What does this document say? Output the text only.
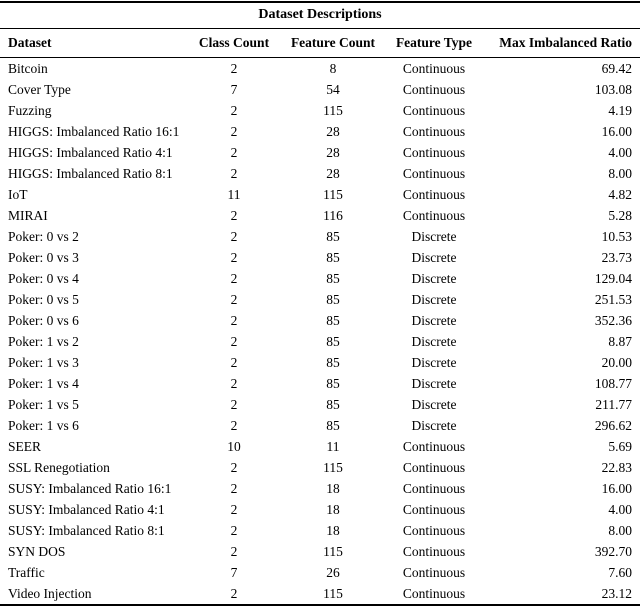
Dataset Descriptions				
Dataset	Class Count	Feature Count	Feature Type	Max Imbalanced Ratio
Bitcoin	2	8	Continuous	69.42
Cover Type	7	54	Continuous	103.08
Fuzzing	2	115	Continuous	4.19
HIGGS: Imbalanced Ratio 16:1	2	28	Continuous	16.00
HIGGS: Imbalanced Ratio 4:1	2	28	Continuous	4.00
HIGGS: Imbalanced Ratio 8:1	2	28	Continuous	8.00
IoT	11	115	Continuous	4.82
MIRAI	2	116	Continuous	5.28
Poker: 0 vs 2	2	85	Discrete	10.53
Poker: 0 vs 3	2	85	Discrete	23.73
Poker: 0 vs 4	2	85	Discrete	129.04
Poker: 0 vs 5	2	85	Discrete	251.53
Poker: 0 vs 6	2	85	Discrete	352.36
Poker: 1 vs 2	2	85	Discrete	8.87
Poker: 1 vs 3	2	85	Discrete	20.00
Poker: 1 vs 4	2	85	Discrete	108.77
Poker: 1 vs 5	2	85	Discrete	211.77
Poker: 1 vs 6	2	85	Discrete	296.62
SEER	10	11	Continuous	5.69
SSL Renegotiation	2	115	Continuous	22.83
SUSY: Imbalanced Ratio 16:1	2	18	Continuous	16.00
SUSY: Imbalanced Ratio 4:1	2	18	Continuous	4.00
SUSY: Imbalanced Ratio 8:1	2	18	Continuous	8.00
SYN DOS	2	115	Continuous	392.70
Traffic	7	26	Continuous	7.60
Video Injection	2	115	Continuous	23.12
